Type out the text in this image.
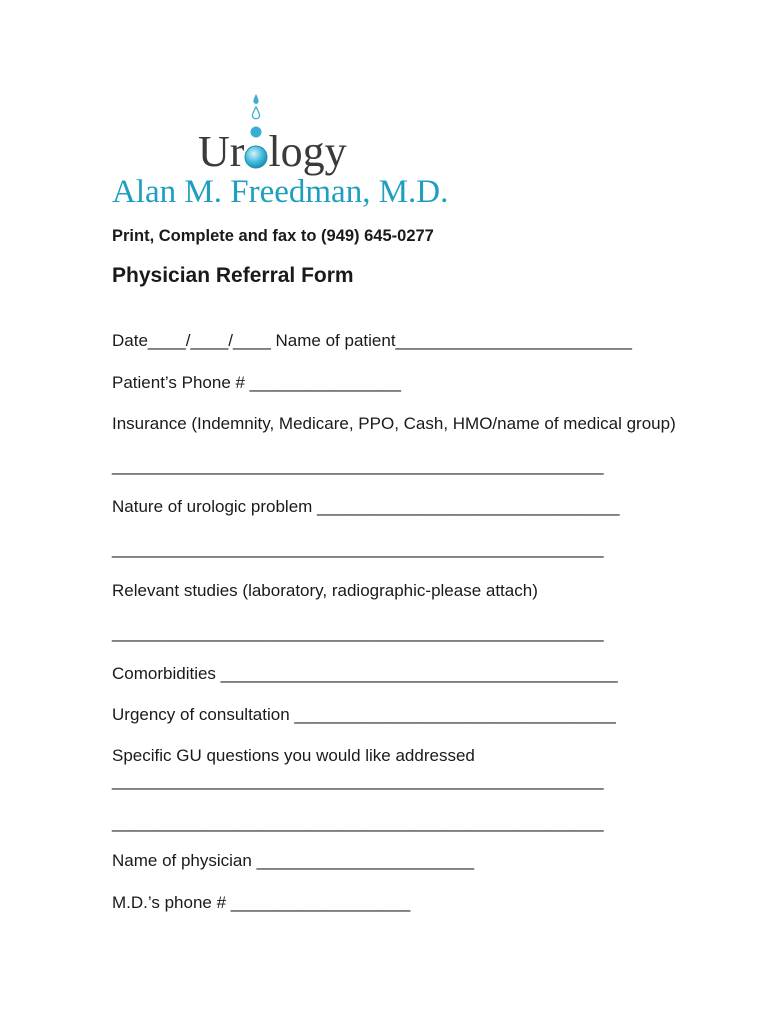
Ur logy
Alan M. Freedman, M.D.
Print, Complete and fax to (949) 645-0277
Physician Referral Form
Date____/____/____ Name of patient_________________________
Patient’s Phone # ________________
Insurance (Indemnity, Medicare, PPO, Cash, HMO/name of medical group)
____________________________________________________
Nature of urologic problem ________________________________
____________________________________________________
Relevant studies (laboratory, radiographic-please attach)
____________________________________________________
Comorbidities __________________________________________
Urgency of consultation __________________________________
Specific GU questions you would like addressed
____________________________________________________
____________________________________________________
Name of physician _______________________
M.D.’s phone # ___________________
